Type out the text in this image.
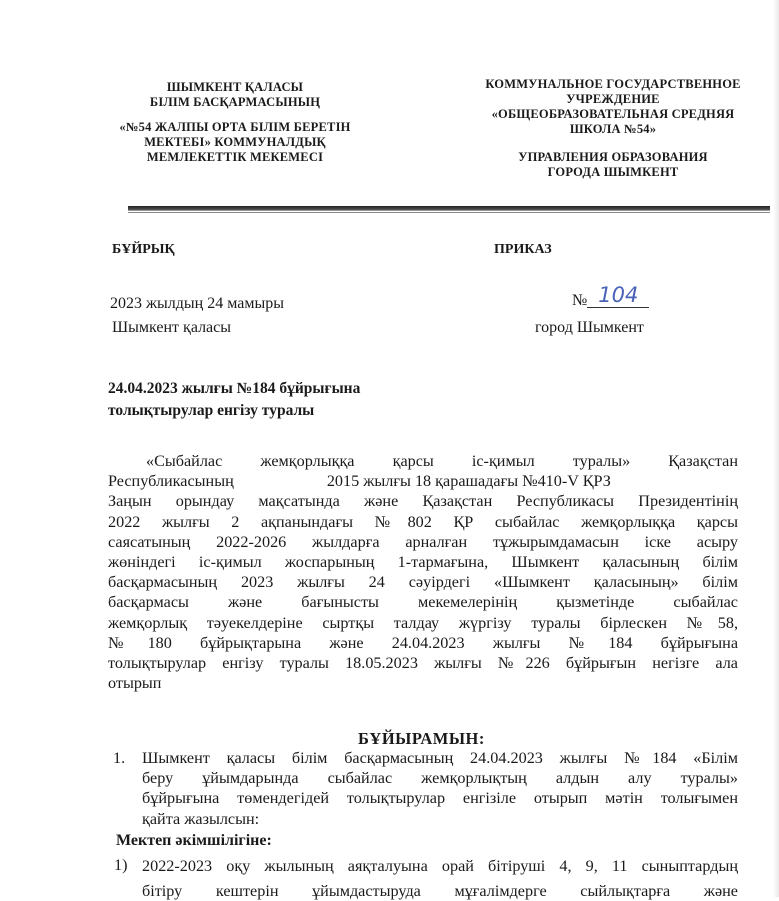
ШЫМКЕНТ ҚАЛАСЫ
БІЛІМ БАСҚАРМАСЫНЫҢ
«№54 ЖАЛПЫ ОРТА БІЛІМ БЕРЕТІН
МЕКТЕБІ» КОММУНАЛДЫҚ
МЕМЛЕКЕТТІК МЕКЕМЕСІ
КОММУНАЛЬНОЕ ГОСУДАРСТВЕННОЕ
УЧРЕЖДЕНИЕ
«ОБЩЕОБРАЗОВАТЕЛЬНАЯ СРЕДНЯЯ
ШКОЛА №54»
УПРАВЛЕНИЯ ОБРАЗОВАНИЯ
ГОРОДА ШЫМКЕНТ
БҰЙРЫҚ	ПРИКАЗ
2023 жылдың 24 мамыры
Шымкент қаласы
№ 104
город Шымкент
24.04.2023 жылғы №184 бұйрығына
толықтырулар енгізу туралы
«Сыбайлас жемқорлыққа қарсы іс-қимыл туралы» Қазақстан
Республикасының                       2015 жылғы 18 қарашадағы №410-V ҚРЗ
Заңын орындау мақсатында және Қазақстан Республикасы Президентінің
2022 жылғы 2 ақпанындағы №802 ҚР сыбайлас жемқорлыққа қарсы
саясатының 2022-2026 жылдарға арналған тұжырымдамасын іске асыру
жөніндегі іс-қимыл жоспарының 1-тармағына, Шымкент қаласының білім
басқармасының 2023 жылғы 24 сәуірдегі «Шымкент қаласының» білім
басқармасы және бағынысты мекемелерінің қызметінде сыбайлас
жемқорлық тәуекелдеріне сыртқы талдау жүргізу туралы бірлескен №58,
№180 бұйрықтарына және 24.04.2023 жылғы №184 бұйрығына
толықтырулар енгізу туралы 18.05.2023 жылғы №226 бұйрығын негізге ала
отырып
БҰЙЫРАМЫН:
1. Шымкент қаласы білім басқармасының 24.04.2023 жылғы №184 «Білім
беру ұйымдарында сыбайлас жемқорлықтың алдын алу туралы»
бұйрығына төмендегідей толықтырулар енгізіле отырып мәтін толығымен
қайта жазылсын:
Мектеп әкімшілігіне:
1) 2022-2023 оқу жылының аяқталуына орай бітіруші 4, 9, 11 сыныптардың
бітіру кештерін ұйымдастыруда мұғалімдерге сыйлықтарға және
